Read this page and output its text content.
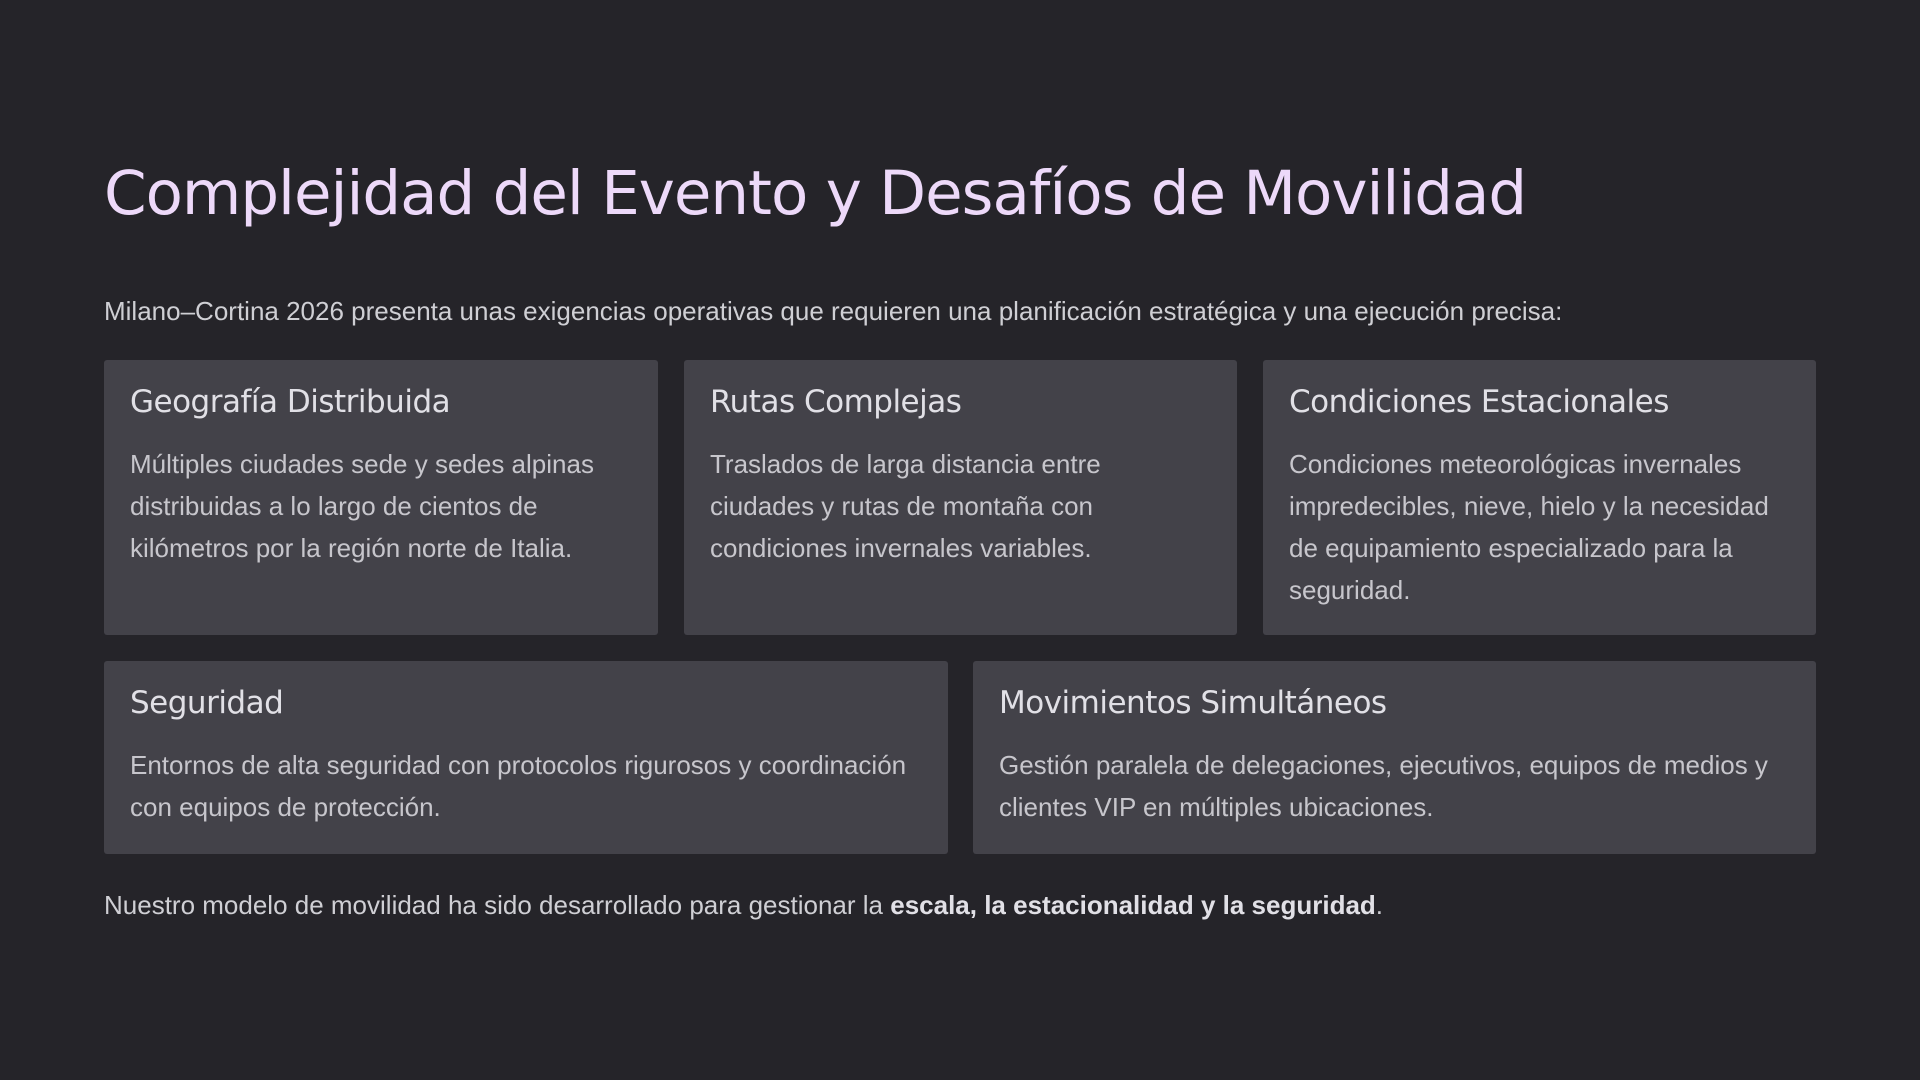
Complejidad del Evento y Desafíos de Movilidad

Milano–Cortina 2026 presenta unas exigencias operativas que requieren una planificación estratégica y una ejecución precisa:

Geografía Distribuida

Múltiples ciudades sede y sedes alpinas distribuidas a lo largo de cientos de kilómetros por la región norte de Italia.

Rutas Complejas

Traslados de larga distancia entre ciudades y rutas de montaña con condiciones invernales variables.

Condiciones Estacionales

Condiciones meteorológicas invernales impredecibles, nieve, hielo y la necesidad de equipamiento especializado para la seguridad.

Seguridad

Entornos de alta seguridad con protocolos rigurosos y coordinación con equipos de protección.

Movimientos Simultáneos

Gestión paralela de delegaciones, ejecutivos, equipos de medios y clientes VIP en múltiples ubicaciones.

Nuestro modelo de movilidad ha sido desarrollado para gestionar la escala, la estacionalidad y la seguridad.
